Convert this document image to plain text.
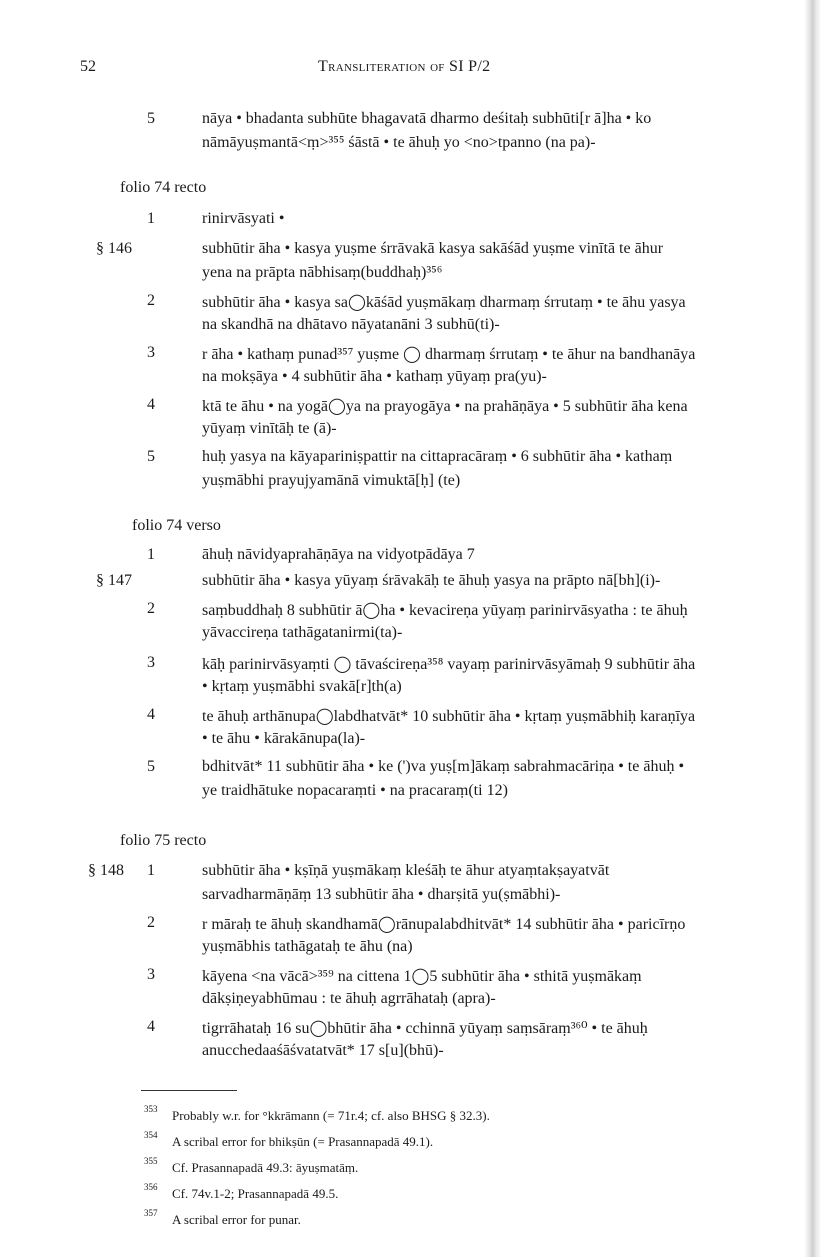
52	Transliteration of SI P/2
5	nāya • bhadanta subhūte bhagavatā dharmo deśitaḥ subhūti[r ā]ha • ko
nāmāyuṣmantā<ṃ>³⁵⁵ śāstā • te āhuḥ yo <no>tpanno (na pa)-
folio 74 recto
§ 146
1	rinirvāsyati •
subhūtir āha • kasya yuṣme śrrāvakā kasya sakāśād yuṣme vinītā te āhur
yena na prāpta nābhisaṃ(buddhaḥ)³⁵⁶
2	subhūtir āha • kasya sa◯kāśād yuṣmākaṃ dharmaṃ śrrutaṃ • te āhu yasya
na skandhā na dhātavo nāyatanāni 3 subhū(ti)-
3	r āha • kathaṃ punad³⁵⁷ yuṣme ◯ dharmaṃ śrrutaṃ • te āhur na bandhanāya
na mokṣāya • 4 subhūtir āha • kathaṃ yūyaṃ pra(yu)-
4	ktā te āhu • na yogā◯ya na prayogāya • na prahāṇāya • 5 subhūtir āha kena
yūyaṃ vinītāḥ te (ā)-
5	huḥ yasya na kāyapariniṣpattir na cittapracāraṃ • 6 subhūtir āha • kathaṃ
yuṣmābhi prayujyamānā vimuktā[ḥ] (te)
folio 74 verso
§ 147
1	āhuḥ nāvidyaprahāṇāya na vidyotpādāya 7
subhūtir āha • kasya yūyaṃ śrāvakāḥ te āhuḥ yasya na prāpto nā[bh](i)-
2	saṃbuddhaḥ 8 subhūtir ā◯ha • kevacireṇa yūyaṃ parinirvāsyatha : te āhuḥ
yāvaccireṇa tathāgatanirmi(ta)-
3	kāḥ parinirvāsyaṃti ◯ tāvaścireṇa³⁵⁸ vayaṃ parinirvāsyāmaḥ 9 subhūtir āha
• kṛtaṃ yuṣmābhi svakā[r]th(a)
4	te āhuḥ arthānupa◯labdhatvāt* 10 subhūtir āha • kṛtaṃ yuṣmābhiḥ karaṇīya
• te āhu • kārakānupa(la)-
5	bdhitvāt* 11 subhūtir āha • ke (')va yuṣ[m]ākaṃ sabrahmacāriṇa • te āhuḥ •
ye traidhātuke nopacaraṃti • na pracaraṃ(ti 12)
folio 75 recto
§ 148 1	subhūtir āha • kṣīṇā yuṣmākaṃ kleśāḥ te āhur atyaṃtakṣayatvāt
sarvadharmāṇāṃ 13 subhūtir āha • dharṣitā yu(ṣmābhi)-
2	r māraḥ te āhuḥ skandhamā◯rānupalabdhitvāt* 14 subhūtir āha • paricīrṇo
yuṣmābhis tathāgataḥ te āhu (na)
3	kāyena <na vācā>³⁵⁹ na cittena 1◯5 subhūtir āha • sthitā yuṣmākaṃ
dākṣiṇeyabhūmau : te āhuḥ agrrāhataḥ (apra)-
4	tigrrāhataḥ 16 su◯bhūtir āha • cchinnā yūyaṃ saṃsāraṃ³⁶⁰ • te āhuḥ
anucchedaaśāśvatatvāt* 17 s[u](bhū)-
353 Probably w.r. for °kkrāmann (= 71r.4; cf. also BHSG § 32.3).
354 A scribal error for bhikṣūn (= Prasannapadā 49.1).
355 Cf. Prasannapadā 49.3: āyuṣmatāṃ.
356 Cf. 74v.1-2; Prasannapadā 49.5.
357 A scribal error for punar.
